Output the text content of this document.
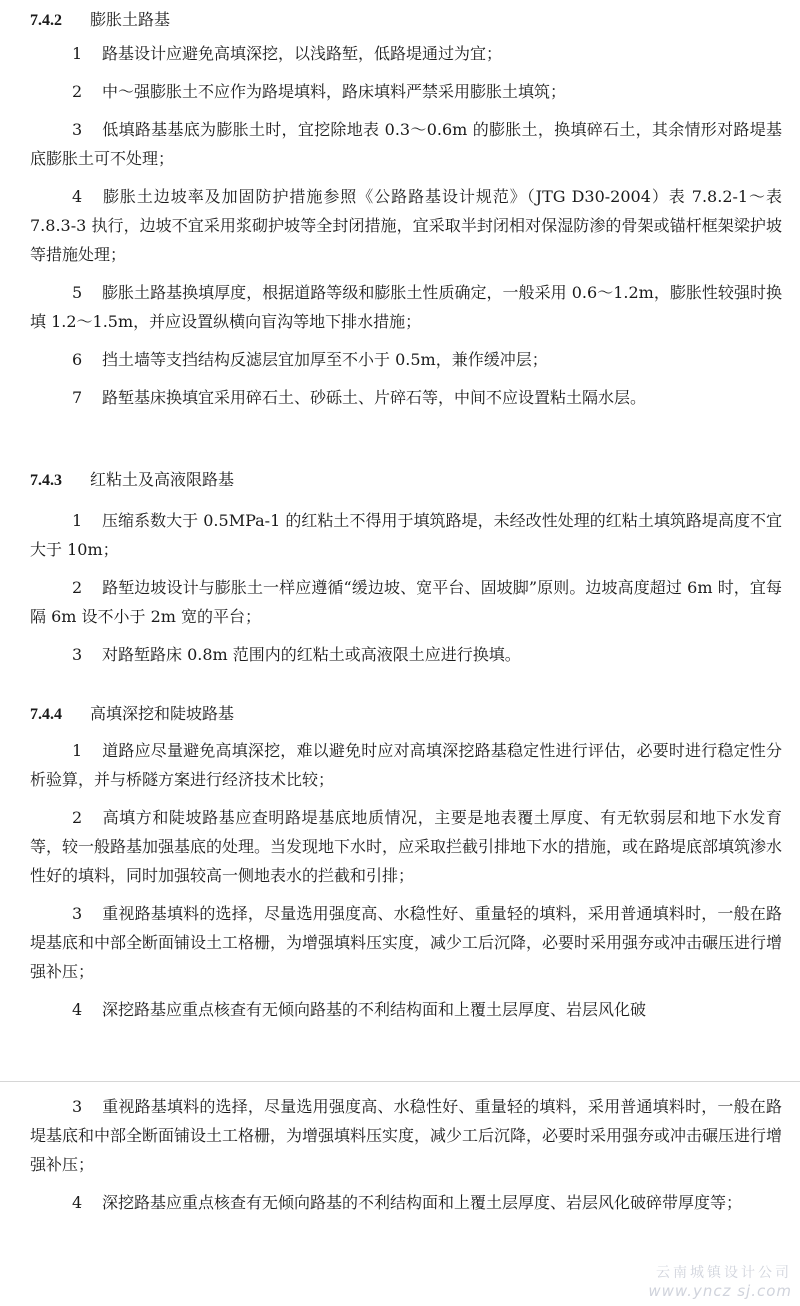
7.4.2 膨胀土路基

1 路基设计应避免高填深挖，以浅路堑，低路堤通过为宜；

2 中～强膨胀土不应作为路堤填料，路床填料严禁采用膨胀土填筑；

3 低填路基基底为膨胀土时，宜挖除地表 0.3～0.6m 的膨胀土，换填碎石土，其余情形对路堤基底膨胀土可不处理；

4 膨胀土边坡率及加固防护措施参照《公路路基设计规范》（JTG D30-2004）表 7.8.2-1～表 7.8.3-3 执行，边坡不宜采用浆砌护坡等全封闭措施，宜采取半封闭相对保湿防渗的骨架或锚杆框架梁护坡等措施处理；

5 膨胀土路基换填厚度，根据道路等级和膨胀土性质确定，一般采用 0.6～1.2m，膨胀性较强时换填 1.2～1.5m，并应设置纵横向盲沟等地下排水措施；

6 挡土墙等支挡结构反滤层宜加厚至不小于 0.5m，兼作缓冲层；

7 路堑基床换填宜采用碎石土、砂砾土、片碎石等，中间不应设置粘土隔水层。

7.4.3 红粘土及高液限路基

1 压缩系数大于 0.5MPa-1 的红粘土不得用于填筑路堤，未经改性处理的红粘土填筑路堤高度不宜大于 10m；

2 路堑边坡设计与膨胀土一样应遵循“缓边坡、宽平台、固坡脚”原则。边坡高度超过 6m 时，宜每隔 6m 设不小于 2m 宽的平台；

3 对路堑路床 0.8m 范围内的红粘土或高液限土应进行换填。

7.4.4 高填深挖和陡坡路基

1 道路应尽量避免高填深挖，难以避免时应对高填深挖路基稳定性进行评估，必要时进行稳定性分析验算，并与桥隧方案进行经济技术比较；

2 高填方和陡坡路基应查明路堤基底地质情况，主要是地表覆土厚度、有无软弱层和地下水发育等，较一般路基加强基底的处理。当发现地下水时，应采取拦截引排地下水的措施，或在路堤底部填筑渗水性好的填料，同时加强较高一侧地表水的拦截和引排；

3 重视路基填料的选择，尽量选用强度高、水稳性好、重量轻的填料，采用普通填料时，一般在路堤基底和中部全断面铺设土工格栅，为增强填料压实度，减少工后沉降，必要时采用强夯或冲击碾压进行增强补压；

4 深挖路基应重点核查有无倾向路基的不利结构面和上覆土层厚度、岩层风化破

3 重视路基填料的选择，尽量选用强度高、水稳性好、重量轻的填料，采用普通填料时，一般在路堤基底和中部全断面铺设土工格栅，为增强填料压实度，减少工后沉降，必要时采用强夯或冲击碾压进行增强补压；

4 深挖路基应重点核查有无倾向路基的不利结构面和上覆土层厚度、岩层风化破碎带厚度等；

云南城镇设计公司
www.yncz sj.com
